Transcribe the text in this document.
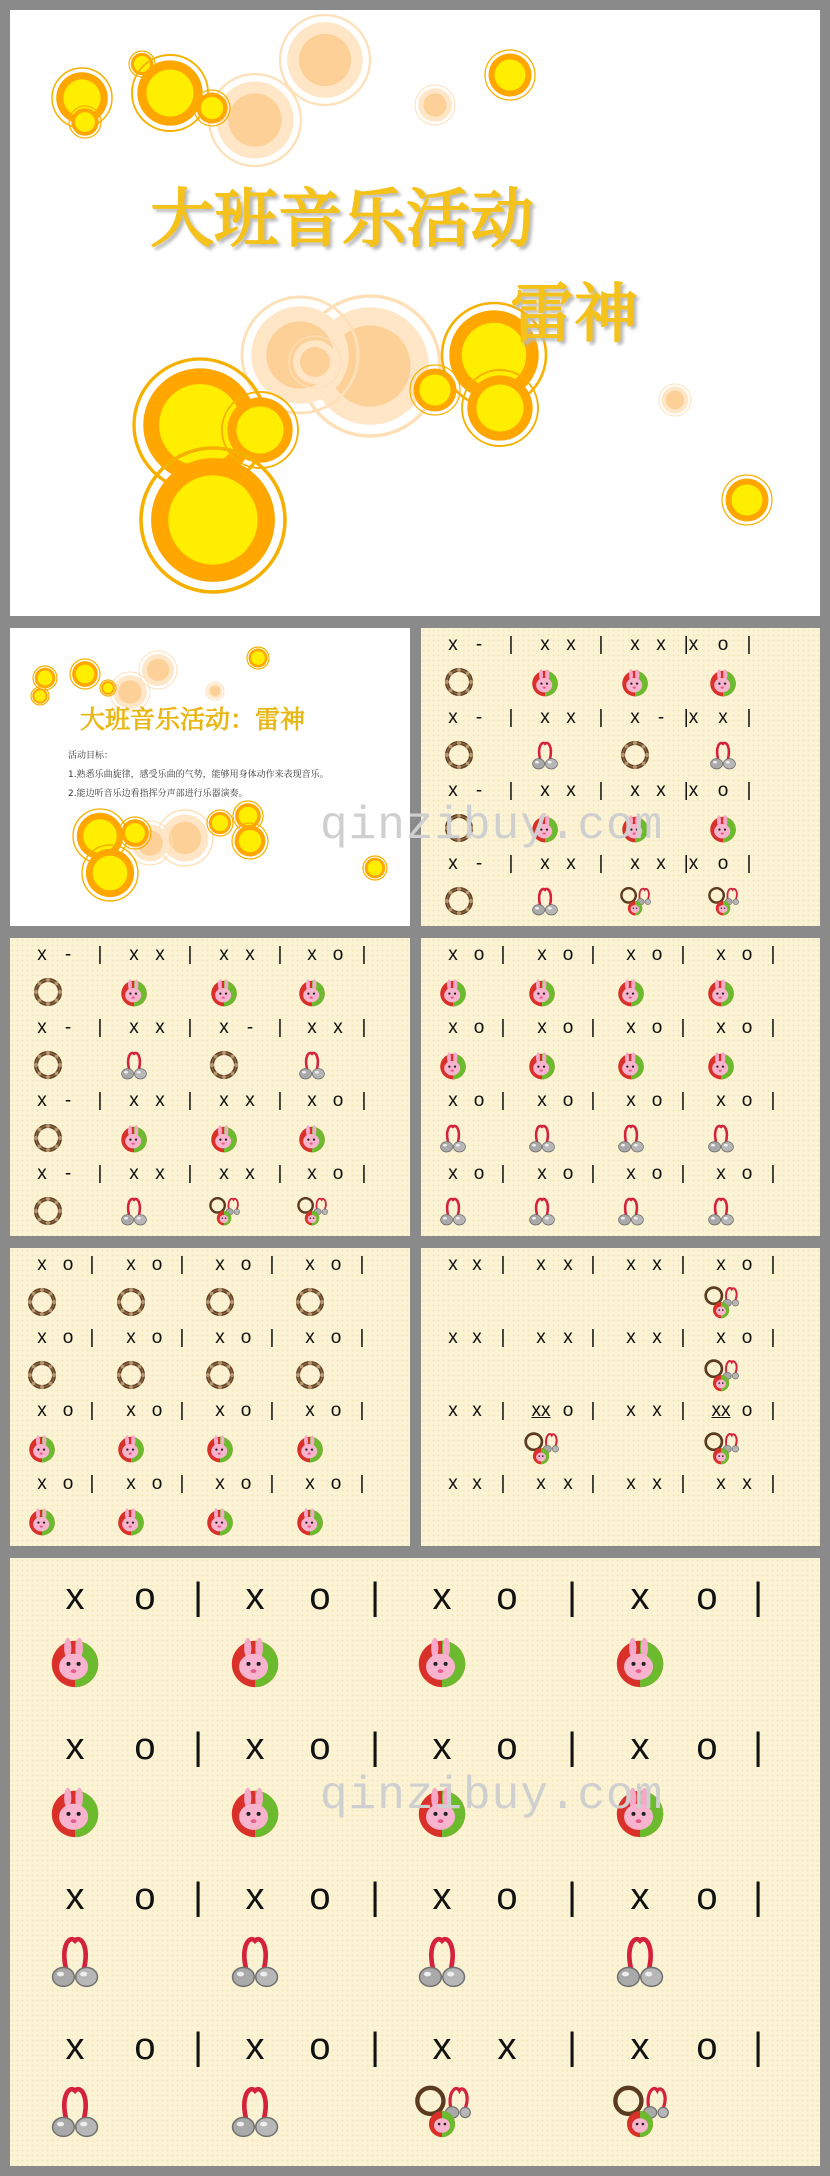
大班音乐活动
雷神
大班音乐活动：雷神
活动目标：
1.熟悉乐曲旋律，感受乐曲的气势，能够用身体动作来表现音乐。
2.能边听音乐边看指挥分声部进行乐器演奏。
x - | x x | x x |x o |
x - | x x | x - |x x |
x - | x x | x x |x o |
x - | x x | x x |x o |
x - | x x | x x | x o |
x - | x x | x - | x x |
x - | x x | x x | x o |
x - | x x | x x | x o |
x o | x o | x o | x o |
x o | x o | x o | x o |
x o | x o | x o | x o |
x o | x o | x o | x o |
x o | x o | x o | x o |
x o | x o | x o | x o |
x o | x o | x o | x o |
x o | x o | x o | x o |
x x | x x | x x | x o |
x x | x x | x x | x o |
x x | xx o | x x | xx o |
x x | x x | x x | x x |
x o | x o | x o | x o |
x o | x o | x o | x o |
x o | x o | x o | x o |
x o | x o | x x | x o |
qinzibuy.com
qinzibuy.com
